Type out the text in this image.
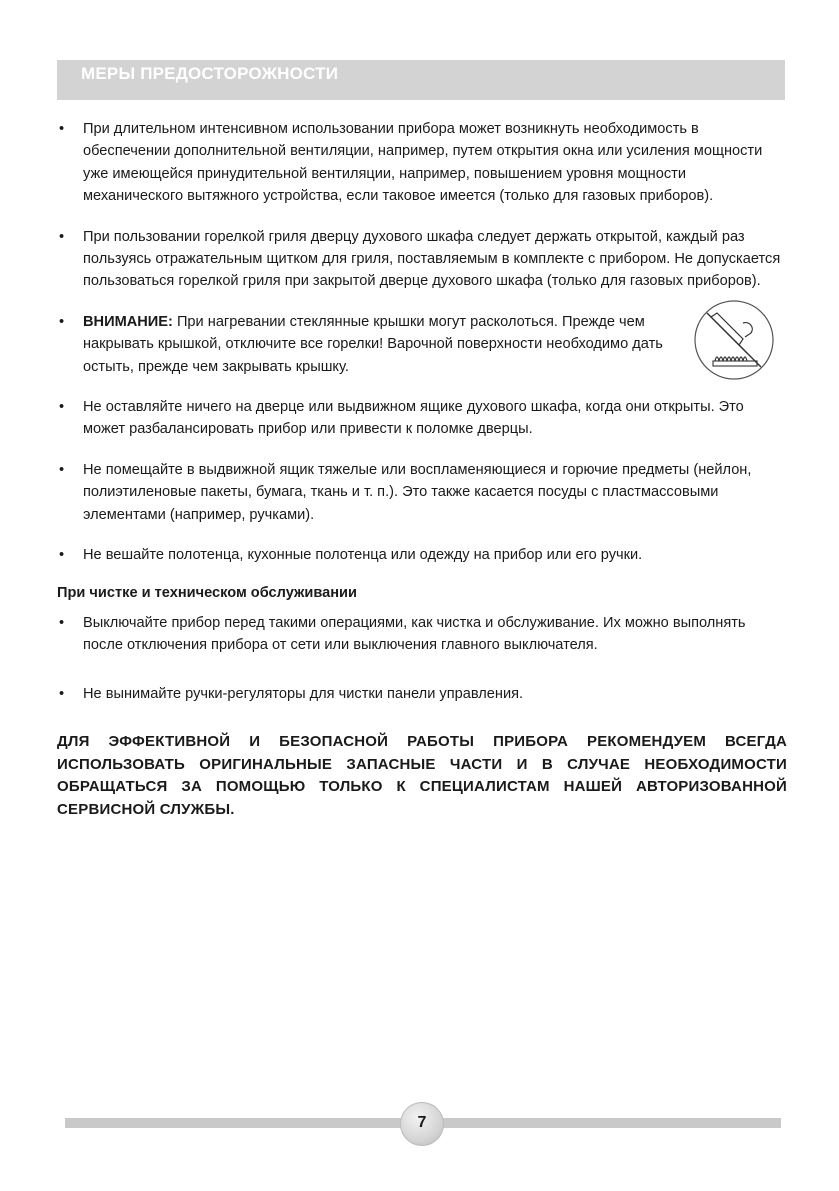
МЕРЫ ПРЕДОСТОРОЖНОСТИ
• При длительном интенсивном использовании прибора может возникнуть необходимость в обеспечении дополнительной вентиляции, например, путем открытия окна или усиления мощности уже имеющейся принудительной вентиляции, например, повышением уровня мощности механического вытяжного устройства, если таковое имеется (только для газовых приборов).
• При пользовании горелкой гриля дверцу духового шкафа следует держать открытой, каждый раз пользуясь отражательным щитком для гриля, поставляемым в комплекте с прибором. Не допускается пользоваться горелкой гриля при закрытой дверце духового шкафа (только для газовых приборов).
• ВНИМАНИЕ: При нагревании стеклянные крышки могут расколоться. Прежде чем накрывать крышкой, отключите все горелки! Варочной поверхности необходимо дать остыть, прежде чем закрывать крышку.
• Не оставляйте ничего на дверце или выдвижном ящике духового шкафа, когда они открыты. Это может разбалансировать прибор или привести к поломке дверцы.
• Не помещайте в выдвижной ящик тяжелые или воспламеняющиеся и горючие предметы (нейлон, полиэтиленовые пакеты, бумага, ткань и т. п.). Это также касается посуды с пластмассовыми элементами (например, ручками).
• Не вешайте полотенца, кухонные полотенца или одежду на прибор или его ручки.
При чистке и техническом обслуживании
• Выключайте прибор перед такими операциями, как чистка и обслуживание. Их можно выполнять после отключения прибора от сети или выключения главного выключателя.
• Не вынимайте ручки-регуляторы для чистки панели управления.
ДЛЯ ЭФФЕКТИВНОЙ И БЕЗОПАСНОЙ РАБОТЫ ПРИБОРА РЕКОМЕНДУЕМ ВСЕГДА ИСПОЛЬЗОВАТЬ ОРИГИНАЛЬНЫЕ ЗАПАСНЫЕ ЧАСТИ И В СЛУЧАЕ НЕОБХОДИМОСТИ ОБРАЩАТЬСЯ ЗА ПОМОЩЬЮ ТОЛЬКО К СПЕЦИАЛИСТАМ НАШЕЙ АВТОРИЗОВАННОЙ СЕРВИСНОЙ СЛУЖБЫ.
7
